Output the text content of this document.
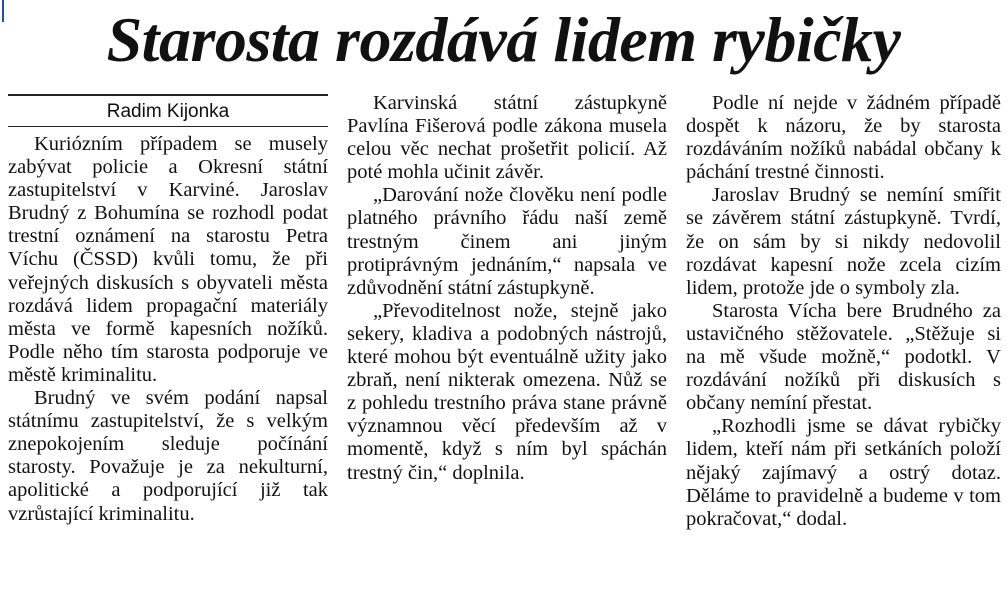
Starosta rozdává lidem rybičky
Radim Kijonka

Kuriózním případem se musely zabývat policie a Okresní státní zastupitelství v Karviné. Jaroslav Brudný z Bohumína se rozhodl podat trestní oznámení na starostu Petra Víchu (ČSSD) kvůli tomu, že při veřejných diskusích s obyvateli města rozdává lidem propagační materiály města ve formě kapesních nožíků. Podle něho tím starosta podporuje ve městě kriminalitu.

Brudný ve svém podání napsal státnímu zastupitelství, že s velkým znepokojením sleduje počínání starosty. Považuje je za nekulturní, apolitické a podporující již tak vzrůstající kriminalitu.

Karvinská státní zástupkyně Pavlína Fišerová podle zákona musela celou věc nechat prošetřit policií. Až poté mohla učinit závěr.

„Darování nože člověku není podle platného právního řádu naší země trestným činem ani jiným protiprávným jednáním,“ napsala ve zdůvodnění státní zástupkyně.

„Převoditelnost nože, stejně jako sekery, kladiva a podobných nástrojů, které mohou být eventuálně užity jako zbraň, není nikterak omezena. Nůž se z pohledu trestního práva stane právně významnou věcí především až v momentě, když s ním byl spáchán trestný čin,“ doplnila.

Podle ní nejde v žádném případě dospět k názoru, že by starosta rozdáváním nožíků nabádal občany k páchání trestné činnosti.

Jaroslav Brudný se nemíní smířit se závěrem státní zástupkyně. Tvrdí, že on sám by si nikdy nedovolil rozdávat kapesní nože zcela cizím lidem, protože jde o symboly zla.

Starosta Vícha bere Brudného za ustavičného stěžovatele. „Stěžuje si na mě všude možně,“ podotkl. V rozdávání nožíků při diskusích s občany nemíní přestat.

„Rozhodli jsme se dávat rybičky lidem, kteří nám při setkáních položí nějaký zajímavý a ostrý dotaz. Děláme to pravidelně a budeme v tom pokračovat,“ dodal.
